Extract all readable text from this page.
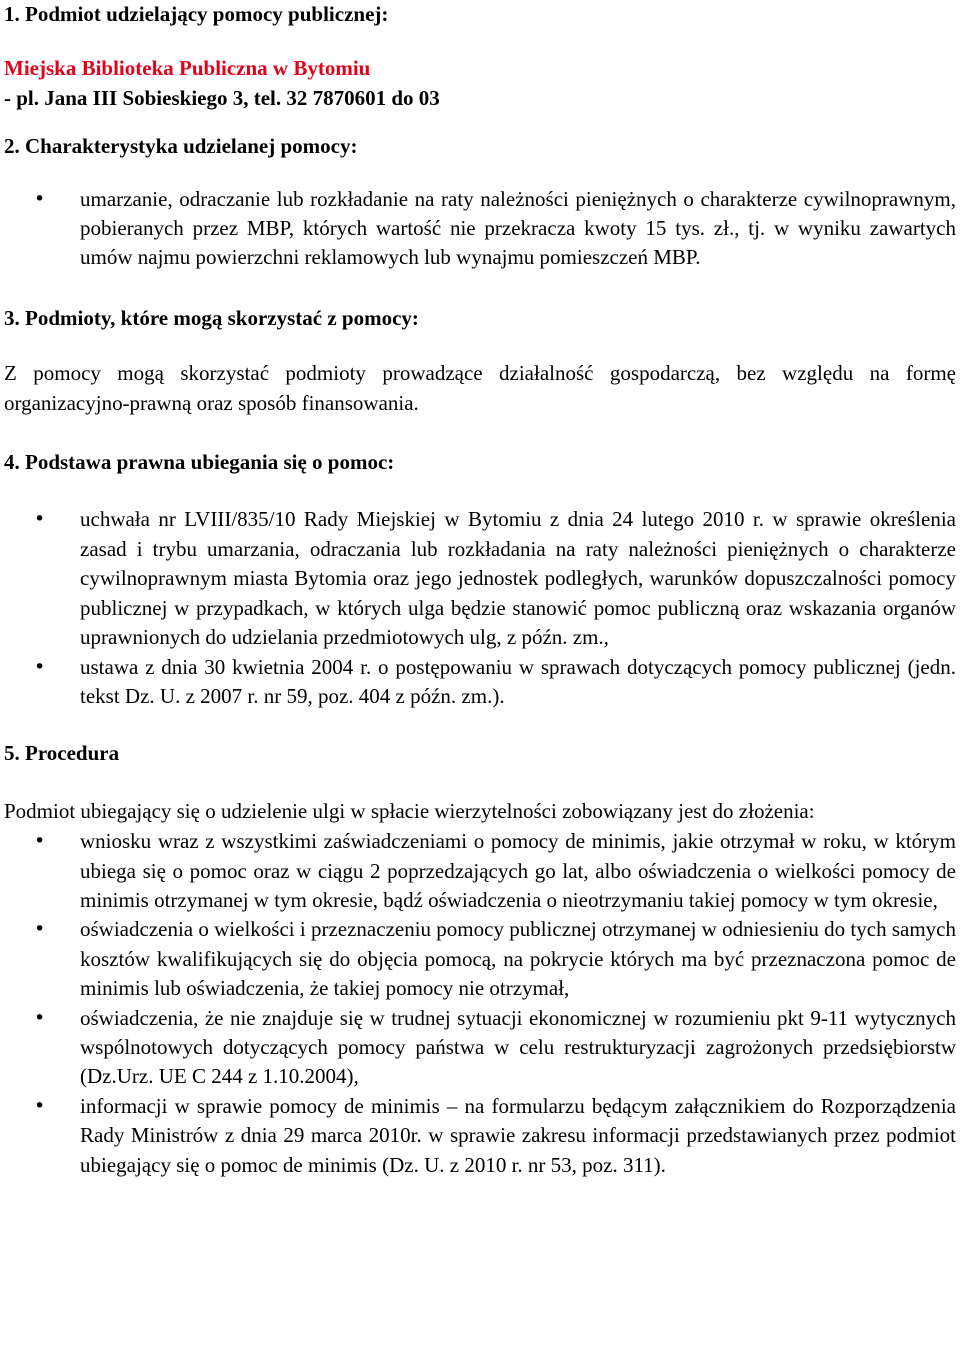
1. Podmiot udzielający pomocy publicznej:

Miejska Biblioteka Publiczna w Bytomiu

- pl. Jana III Sobieskiego 3, tel. 32 7870601 do 03

2. Charakterystyka udzielanej pomocy:

• umarzanie, odraczanie lub rozkładanie na raty należności pieniężnych o charakterze cywilnoprawnym, pobieranych przez MBP, których wartość nie przekracza kwoty 15 tys. zł., tj. w wyniku zawartych umów najmu powierzchni reklamowych lub wynajmu pomieszczeń MBP.

3. Podmioty, które mogą skorzystać z pomocy:

Z pomocy mogą skorzystać podmioty prowadzące działalność gospodarczą, bez względu na formę organizacyjno-prawną oraz sposób finansowania.

4. Podstawa prawna ubiegania się o pomoc:

• uchwała nr LVIII/835/10 Rady Miejskiej w Bytomiu z dnia 24 lutego 2010 r. w sprawie określenia zasad i trybu umarzania, odraczania lub rozkładania na raty należności pieniężnych o charakterze cywilnoprawnym miasta Bytomia oraz jego jednostek podległych, warunków dopuszczalności pomocy publicznej w przypadkach, w których ulga będzie stanowić pomoc publiczną oraz wskazania organów uprawnionych do udzielania przedmiotowych ulg, z późn. zm.,
• ustawa z dnia 30 kwietnia 2004 r. o postępowaniu w sprawach dotyczących pomocy publicznej (jedn. tekst Dz. U. z 2007 r. nr 59, poz. 404 z późn. zm.).

5. Procedura

Podmiot ubiegający się o udzielenie ulgi w spłacie wierzytelności zobowiązany jest do złożenia:

• wniosku wraz z wszystkimi zaświadczeniami o pomocy de minimis, jakie otrzymał w roku, w którym ubiega się o pomoc oraz w ciągu 2 poprzedzających go lat, albo oświadczenia o wielkości pomocy de minimis otrzymanej w tym okresie, bądź oświadczenia o nieotrzymaniu takiej pomocy w tym okresie,
• oświadczenia o wielkości i przeznaczeniu pomocy publicznej otrzymanej w odniesieniu do tych samych kosztów kwalifikujących się do objęcia pomocą, na pokrycie których ma być przeznaczona pomoc de minimis lub oświadczenia, że takiej pomocy nie otrzymał,
• oświadczenia, że nie znajduje się w trudnej sytuacji ekonomicznej w rozumieniu pkt 9-11 wytycznych wspólnotowych dotyczących pomocy państwa w celu restrukturyzacji zagrożonych przedsiębiorstw (Dz.Urz. UE C 244 z 1.10.2004),
• informacji w sprawie pomocy de minimis – na formularzu będącym załącznikiem do Rozporządzenia Rady Ministrów z dnia 29 marca 2010r. w sprawie zakresu informacji przedstawianych przez podmiot ubiegający się o pomoc de minimis (Dz. U. z 2010 r. nr 53, poz. 311).
